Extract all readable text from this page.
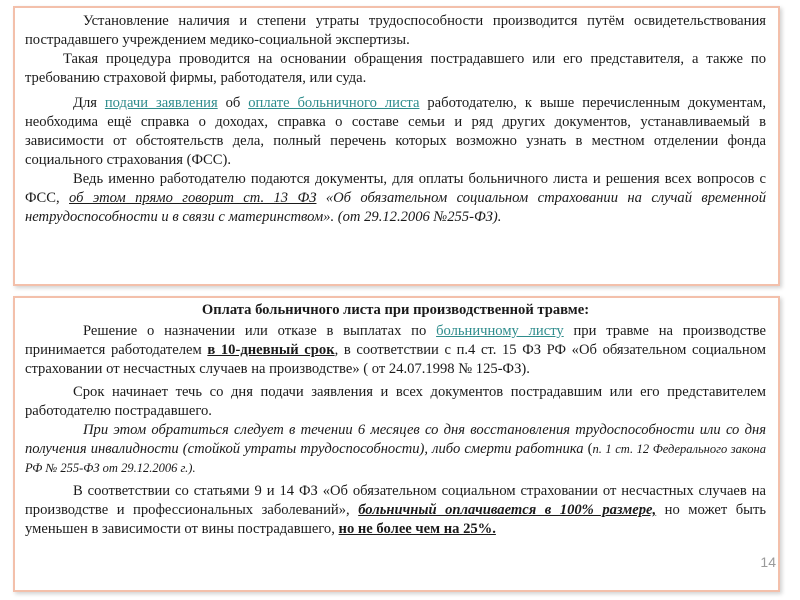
Установление наличия и степени утраты трудоспособности производится путём освидетельствования пострадавшего учреждением медико-социальной экспертизы.

Такая процедура проводится на основании обращения пострадавшего или его представителя, а также по требованию страховой фирмы, работодателя, или суда.

Для подачи заявления об оплате больничного листа работодателю, к выше перечисленным документам, необходима ещё справка о доходах, справка о составе семьи и ряд других документов, устанавливаемый в зависимости от обстоятельств дела, полный перечень которых возможно узнать в местном отделении фонда социального страхования (ФСС).

Ведь именно работодателю подаются документы, для оплаты больничного листа и решения всех вопросов с ФСС, об этом прямо говорит ст. 13 ФЗ «Об обязательном социальном страховании на случай временной нетрудоспособности и в связи с материнством». (от 29.12.2006 №255-ФЗ).

Оплата больничного листа при производственной травме:

Решение о назначении или отказе в выплатах по больничному листу при травме на производстве принимается работодателем в 10-дневный срок, в соответствии с п.4 ст. 15 ФЗ РФ «Об обязательном социальном страховании от несчастных случаев на производстве» ( от 24.07.1998 № 125-ФЗ).

Срок начинает течь со дня подачи заявления и всех документов пострадавшим или его представителем работодателю пострадавшего.

При этом обратиться следует в течении 6 месяцев со дня восстановления трудоспособности или со дня получения инвалидности (стойкой утраты трудоспособности), либо смерти работника (п. 1 ст. 12 Федерального закона РФ № 255-ФЗ от 29.12.2006 г.).

В соответствии со статьями 9 и 14 ФЗ «Об обязательном социальном страховании от несчастных случаев на производстве и профессиональных заболеваний», больничный оплачивается в 100% размере, но может быть уменьшен в зависимости от вины пострадавшего, но не более чем на 25%.

14
